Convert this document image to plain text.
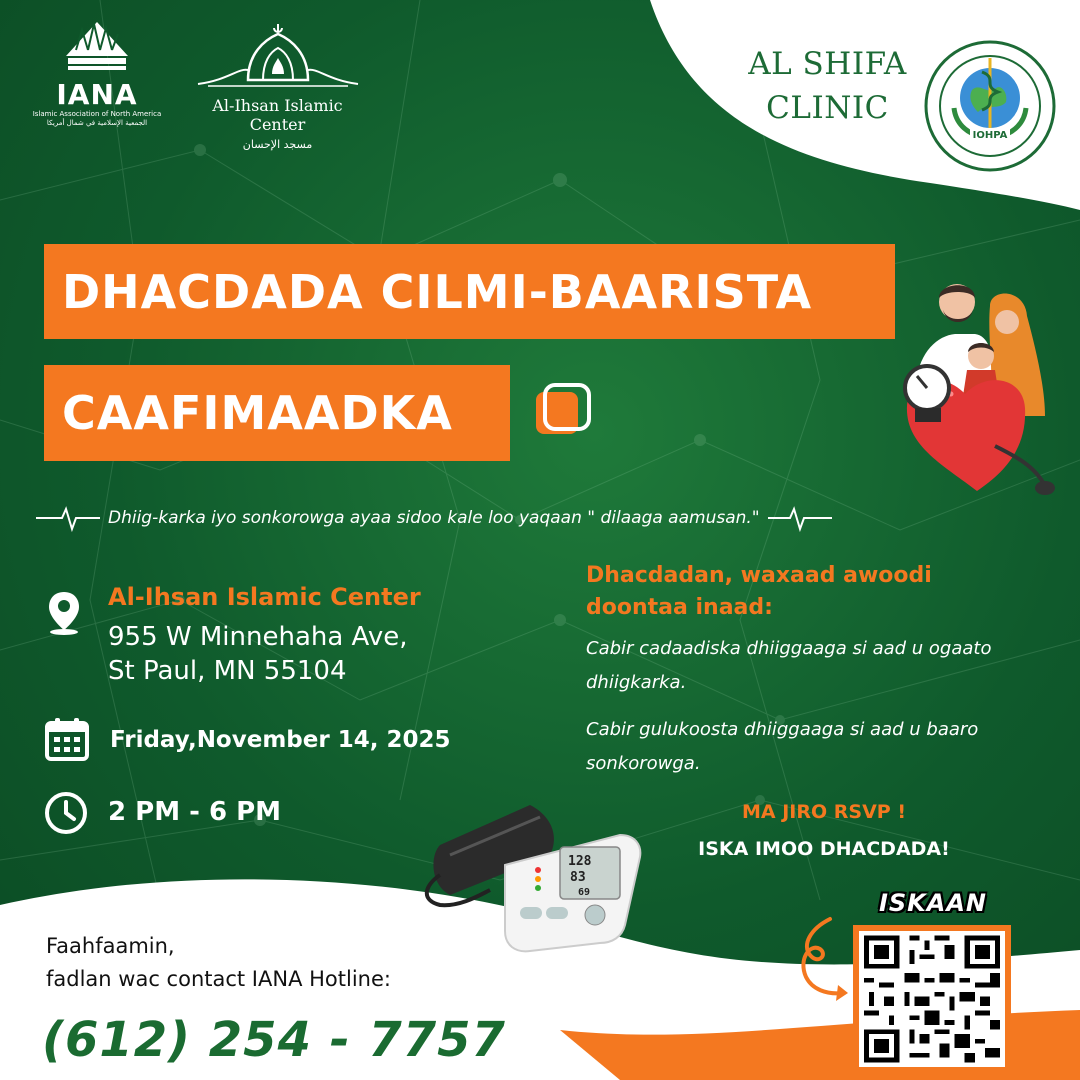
IANA
Islamic Association of North America
الجمعية الإسلامية في شمال أمريكا
Al-Ihsan Islamic Center
مسجد الإحسان
AL SHIFA
CLINIC
IOHPA
DHACDADA CILMI-BAARISTA
CAAFIMAADKA
Dhiig-karka iyo sonkorowga ayaa sidoo kale loo yaqaan " dilaaga aamusan."
Al-Ihsan Islamic Center
955 W Minnehaha Ave,
St Paul, MN 55104
Friday,November 14, 2025
2 PM - 6 PM
Dhacdadan, waxaad awoodi doontaa inaad:
Cabir cadaadiska dhiiggaaga si aad u ogaato dhiigkarka.
Cabir gulukoosta dhiiggaaga si aad u baaro sonkorowga.
MA JIRO RSVP !
ISKA IMOO DHACDADA!
128
83
69
Faahfaamin,
fadlan wac contact IANA Hotline:
(612) 254 - 7757
ISKAAN
